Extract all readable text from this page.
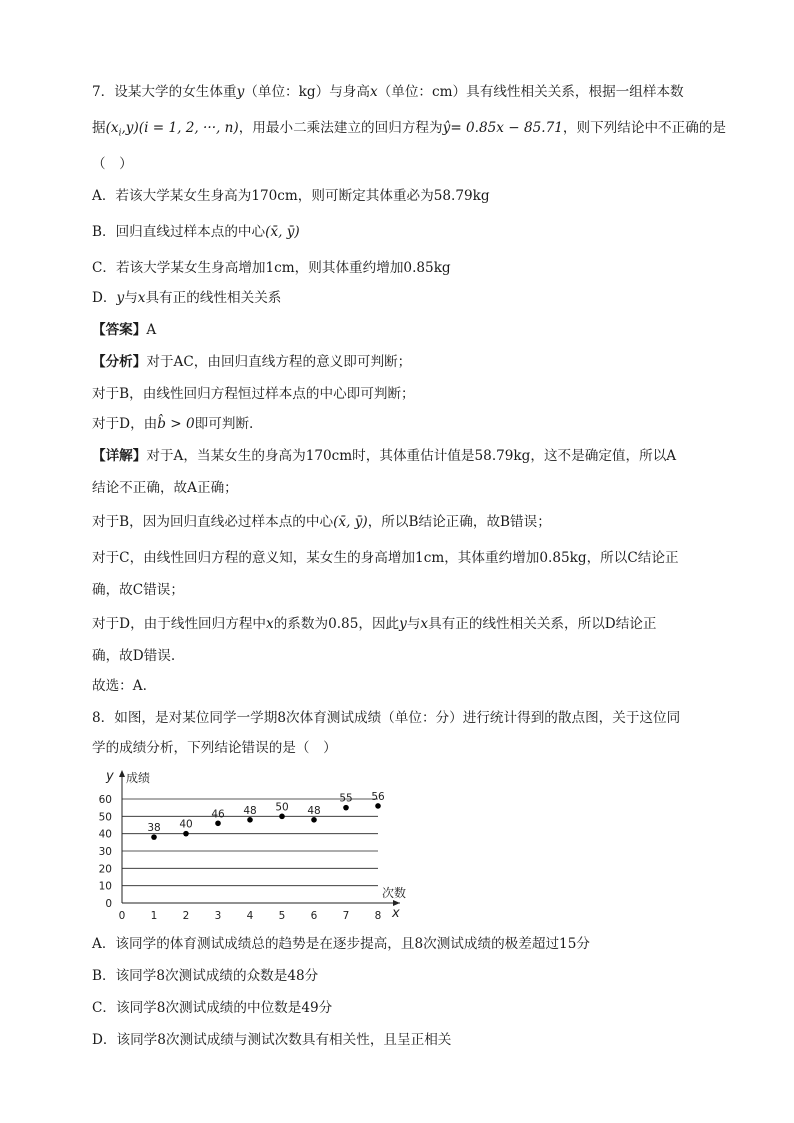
7．设某大学的女生体重y（单位：kg）与身高x（单位：cm）具有线性相关关系，根据一组样本数
据$(x_i,y)(i = 1$, 2, ···, n)，用最小二乘法建立的回归方程为ŷ= 0.85x − 85.71，则下列结论中不正确的是
（　）
A．若该大学某女生身高为170cm，则可断定其体重必为58.79kg
B．回归直线过样本点的中心(x̄, ȳ)
C．若该大学某女生身高增加1cm，则其体重约增加0.85kg
D．y与x具有正的线性相关关系
【答案】A
【分析】对于AC，由回归直线方程的意义即可判断；
对于B，由线性回归方程恒过样本点的中心即可判断；
对于D，由b̂ > 0即可判断.
【详解】对于A，当某女生的身高为170cm时，其体重估计值是58.79kg，这不是确定值，所以A
结论不正确，故A正确；
对于B，因为回归直线必过样本点的中心(x̄, ȳ)，所以B结论正确，故B错误；
对于C，由线性回归方程的意义知，某女生的身高增加1cm，其体重约增加0.85kg，所以C结论正
确，故C错误；
对于D，由于线性回归方程中x的系数为0.85，因此y与x具有正的线性相关关系，所以D结论正
确，故D错误.
故选：A.
8．如图，是对某位同学一学期8次体育测试成绩（单位：分）进行统计得到的散点图，关于这位同
学的成绩分析，下列结论错误的是（　）
0
10
20
30
40
50
60
0 1 2 3 4 5 6 7 8
y 成绩
x
次数
38 40
46 48 50 48
55 56
A．该同学的体育测试成绩总的趋势是在逐步提高，且8次测试成绩的极差超过15分
B．该同学8次测试成绩的众数是48分
C．该同学8次测试成绩的中位数是49分
D．该同学8次测试成绩与测试次数具有相关性，且呈正相关
